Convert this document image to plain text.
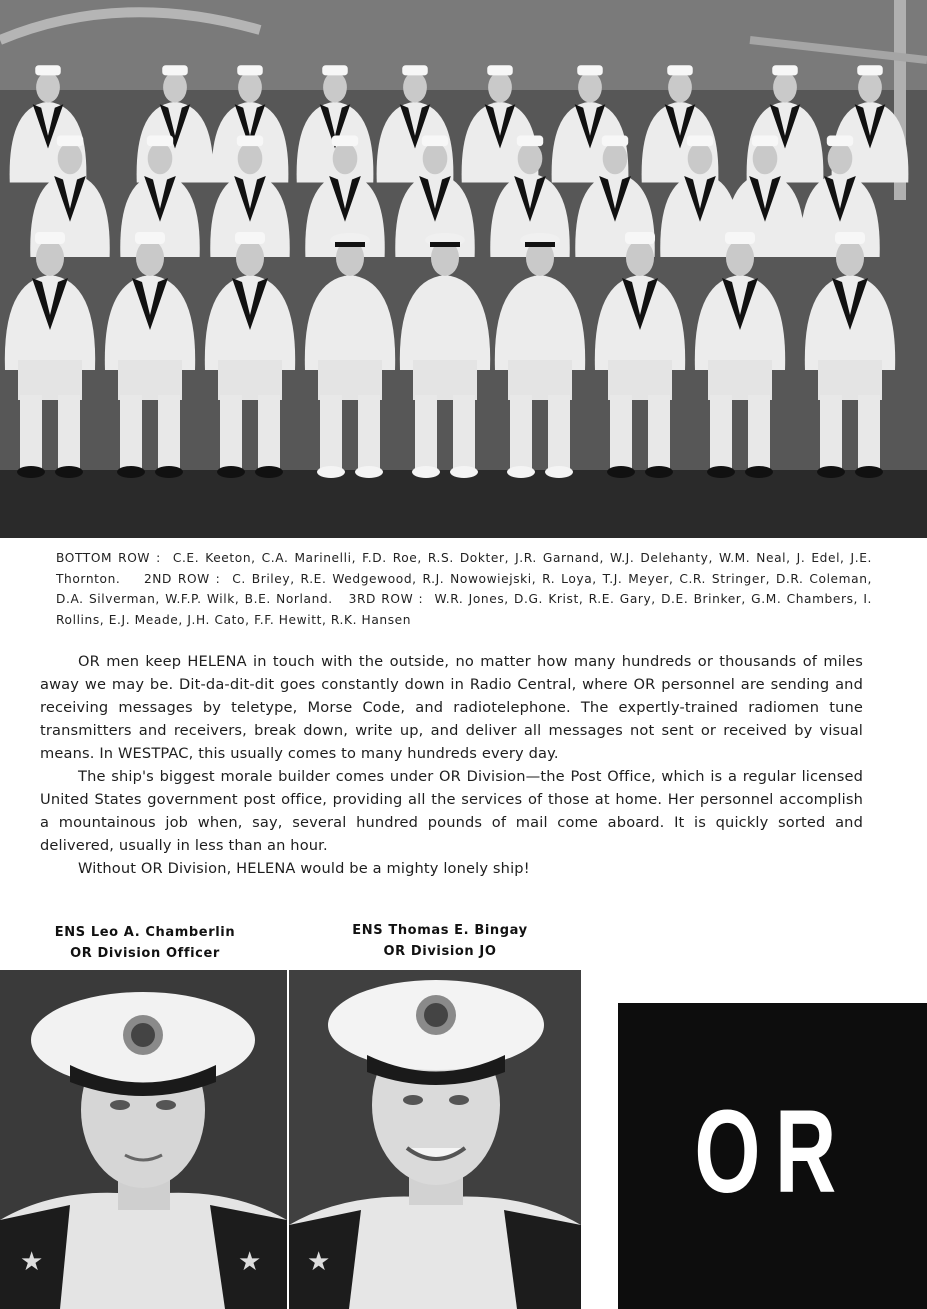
BOTTOM ROW : C.E. Keeton, C.A. Marinelli, F.D. Roe, R.S. Dokter, J.R. Garnand, W.J. Delehanty, W.M. Neal, J. Edel, J.E. Thornton. 2ND ROW : C. Briley, R.E. Wedgewood, R.J. Nowowiejski, R. Loya, T.J. Meyer, C.R. Stringer, D.R. Coleman, D.A. Silverman, W.F.P. Wilk, B.E. Norland. 3RD ROW : W.R. Jones, D.G. Krist, R.E. Gary, D.E. Brinker, G.M. Chambers, I. Rollins, E.J. Meade, J.H. Cato, F.F. Hewitt, R.K. Hansen

OR men keep HELENA in touch with the outside, no matter how many hundreds or thousands of miles away we may be. Dit-da-dit-dit goes constantly down in Radio Central, where OR personnel are sending and receiving messages by teletype, Morse Code, and radiotelephone. The expertly-trained radiomen tune transmitters and receivers, break down, write up, and deliver all messages not sent or received by visual means. In WESTPAC, this usually comes to many hundreds every day.

The ship's biggest morale builder comes under OR Division—the Post Office, which is a regular licensed United States government post office, providing all the services of those at home. Her personnel accomplish a mountainous job when, say, several hundred pounds of mail come aboard. It is quickly sorted and delivered, usually in less than an hour.

Without OR Division, HELENA would be a mighty lonely ship!

ENS Leo A. Chamberlin
OR Division Officer
ENS Thomas E. Bingay
OR Division JO
★	★ ★
OR
